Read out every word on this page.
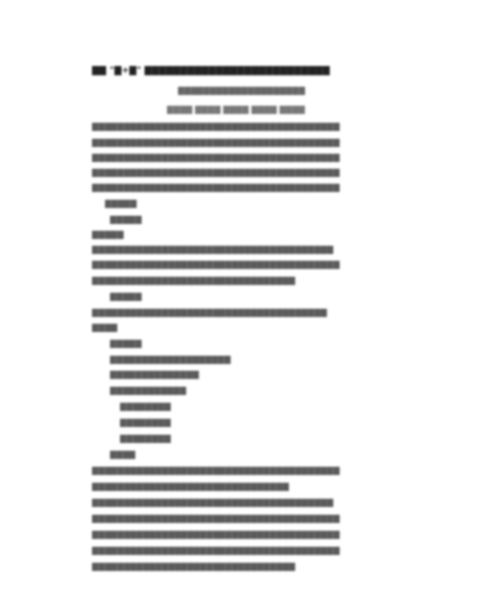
▇▇ "▇+▇" ▇▇▇▇▇▇▇▇▇▇▇▇▇▇▇▇▇▇▇▇▇▇▇▇▇▇
▇▇▇▇▇▇▇▇▇▇▇▇▇▇▇▇▇▇▇▇
▇▇▇▇ ▇▇▇▇ ▇▇▇▇ ▇▇▇▇ ▇▇▇▇
▇▇▇▇▇▇▇▇▇▇▇▇▇▇▇▇▇▇▇▇▇▇▇▇▇▇▇▇▇▇▇▇▇▇▇▇▇▇▇
▇▇▇▇▇▇▇▇▇▇▇▇▇▇▇▇▇▇▇▇▇▇▇▇▇▇▇▇▇▇▇▇▇▇▇▇▇▇▇
▇▇▇▇▇▇▇▇▇▇▇▇▇▇▇▇▇▇▇▇▇▇▇▇▇▇▇▇▇▇▇▇▇▇▇▇▇▇▇
▇▇▇▇▇▇▇▇▇▇▇▇▇▇▇▇▇▇▇▇▇▇▇▇▇▇▇▇▇▇▇▇▇▇▇▇▇▇▇
▇▇▇▇▇▇▇▇▇▇▇▇▇▇▇▇▇▇▇▇▇▇▇▇▇▇▇▇▇▇▇▇▇▇▇▇▇▇▇
▇▇▇▇▇
▇▇▇▇▇
▇▇▇▇▇
▇▇▇▇▇▇▇▇▇▇▇▇▇▇▇▇▇▇▇▇▇▇▇▇▇▇▇▇▇▇▇▇▇▇▇▇▇▇
▇▇▇▇▇▇▇▇▇▇▇▇▇▇▇▇▇▇▇▇▇▇▇▇▇▇▇▇▇▇▇▇▇▇▇▇▇▇▇
▇▇▇▇▇▇▇▇▇▇▇▇▇▇▇▇▇▇▇▇▇▇▇▇▇▇▇▇▇▇▇▇
▇▇▇▇▇
▇▇▇▇▇▇▇▇▇▇▇▇▇▇▇▇▇▇▇▇▇▇▇▇▇▇▇▇▇▇▇▇▇▇▇▇▇
▇▇▇▇
▇▇▇▇▇
▇▇▇▇▇▇▇▇▇▇▇▇▇▇▇▇▇▇▇
▇▇▇▇▇▇▇▇▇▇▇▇▇▇
▇▇▇▇▇▇▇▇▇▇▇▇
▇▇▇▇▇▇▇▇
▇▇▇▇▇▇▇▇
▇▇▇▇▇▇▇▇
▇▇▇▇
▇▇▇▇▇▇▇▇▇▇▇▇▇▇▇▇▇▇▇▇▇▇▇▇▇▇▇▇▇▇▇▇▇▇▇▇▇▇▇
▇▇▇▇▇▇▇▇▇▇▇▇▇▇▇▇▇▇▇▇▇▇▇▇▇▇▇▇▇▇▇
▇▇▇▇▇▇▇▇▇▇▇▇▇▇▇▇▇▇▇▇▇▇▇▇▇▇▇▇▇▇▇▇▇▇▇▇▇▇
▇▇▇▇▇▇▇▇▇▇▇▇▇▇▇▇▇▇▇▇▇▇▇▇▇▇▇▇▇▇▇▇▇▇▇▇▇▇▇
▇▇▇▇▇▇▇▇▇▇▇▇▇▇▇▇▇▇▇▇▇▇▇▇▇▇▇▇▇▇▇▇▇▇▇▇▇▇▇
▇▇▇▇▇▇▇▇▇▇▇▇▇▇▇▇▇▇▇▇▇▇▇▇▇▇▇▇▇▇▇▇▇▇▇▇▇▇▇
▇▇▇▇▇▇▇▇▇▇▇▇▇▇▇▇▇▇▇▇▇▇▇▇▇▇▇▇▇▇▇▇
